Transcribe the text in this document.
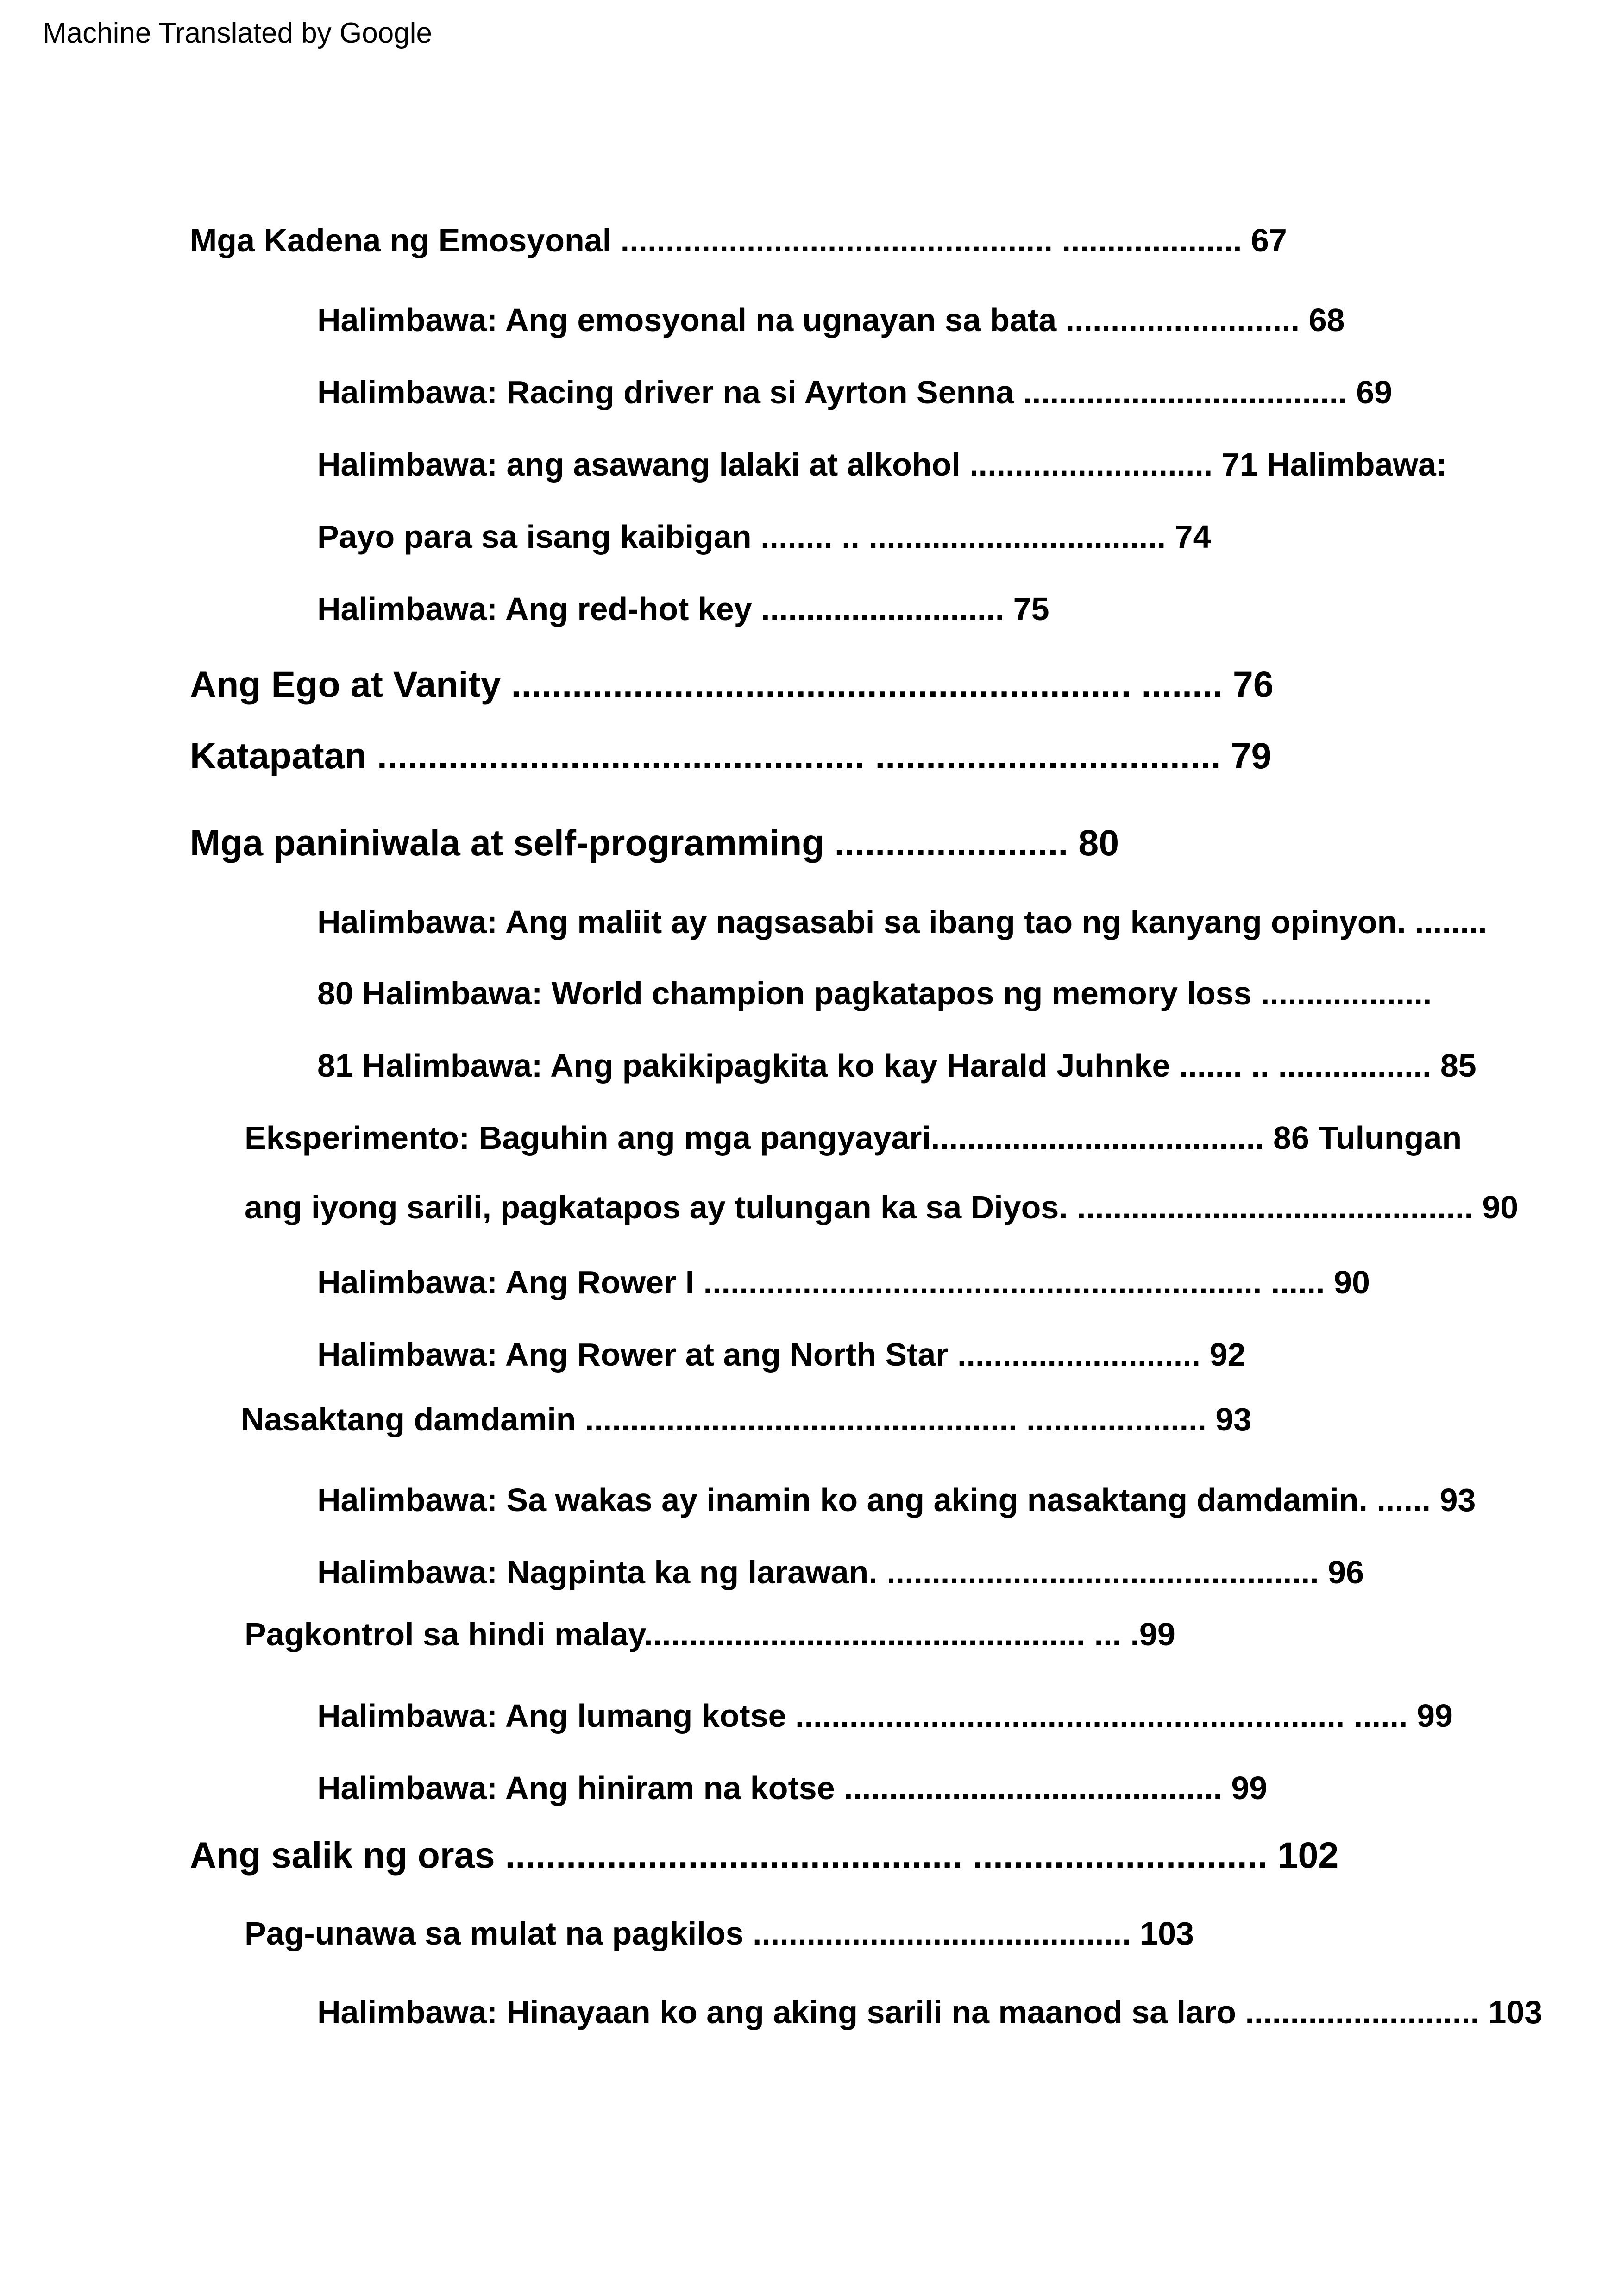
Machine Translated by Google
Mga Kadena ng Emosyonal ................................................ .................... 67
Halimbawa: Ang emosyonal na ugnayan sa bata .......................... 68
Halimbawa: Racing driver na si Ayrton Senna .................................... 69
Halimbawa: ang asawang lalaki at alkohol ........................... 71 Halimbawa:
Payo para sa isang kaibigan ........ .. ................................. 74
Halimbawa: Ang red-hot key ........................... 75
Ang Ego at Vanity ............................................................. ........ 76
Katapatan ................................................ .................................. 79
Mga paniniwala at self-programming ....................... 80
Halimbawa: Ang maliit ay nagsasabi sa ibang tao ng kanyang opinyon. ........
80 Halimbawa: World champion pagkatapos ng memory loss ...................
81 Halimbawa: Ang pakikipagkita ko kay Harald Juhnke ....... .. ................. 85
Eksperimento: Baguhin ang mga pangyayari..................................... 86 Tulungan
ang iyong sarili, pagkatapos ay tulungan ka sa Diyos. ............................................ 90
Halimbawa: Ang Rower I .............................................................. ...... 90
Halimbawa: Ang Rower at ang North Star ........................... 92
Nasaktang damdamin ................................................ .................... 93
Halimbawa: Sa wakas ay inamin ko ang aking nasaktang damdamin. ...... 93
Halimbawa: Nagpinta ka ng larawan. ................................................ 96
Pagkontrol sa hindi malay................................................. ... .99
Halimbawa: Ang lumang kotse ............................................................. ...... 99
Halimbawa: Ang hiniram na kotse .......................................... 99
Ang salik ng oras ............................................. ............................. 102
Pag-unawa sa mulat na pagkilos .......................................... 103
Halimbawa: Hinayaan ko ang aking sarili na maanod sa laro .......................... 103
